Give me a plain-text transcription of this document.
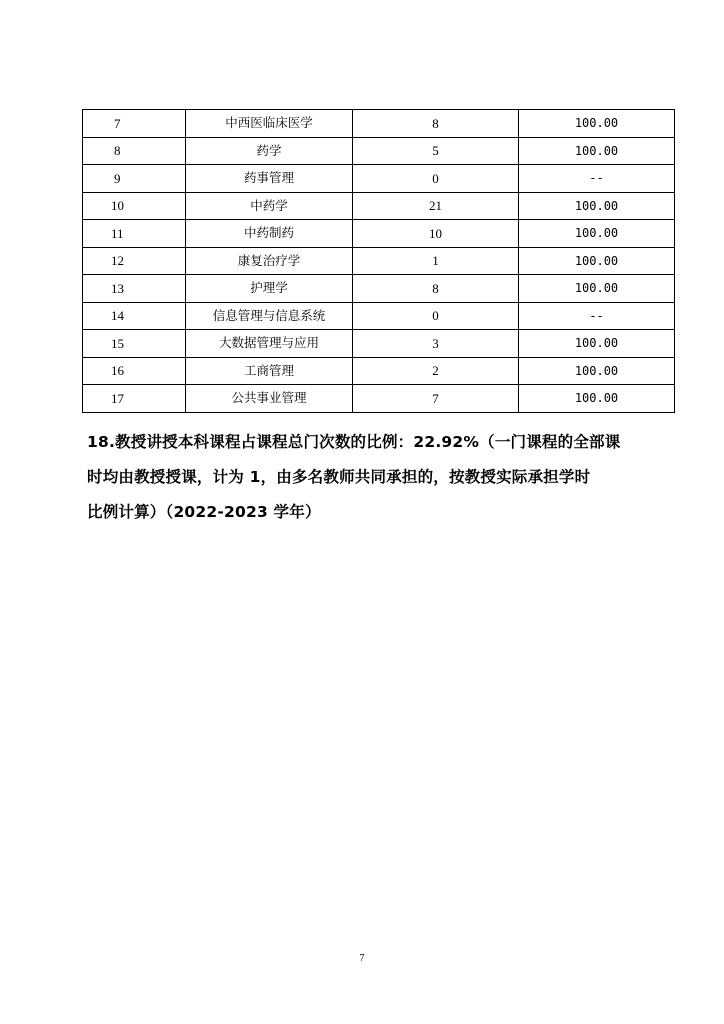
7	中西医临床医学	8	100.00
8	药学	5	100.00
9	药事管理	0	--
10	中药学	21	100.00
11	中药制药	10	100.00
12	康复治疗学	1	100.00
13	护理学	8	100.00
14	信息管理与信息系统	0	--
15	大数据管理与应用	3	100.00
16	工商管理	2	100.00
17	公共事业管理	7	100.00

18.教授讲授本科课程占课程总门次数的比例：22.92%（一门课程的全部课

时均由教授授课，计为 1，由多名教师共同承担的，按教授实际承担学时

比例计算）（2022-2023 学年）

7
